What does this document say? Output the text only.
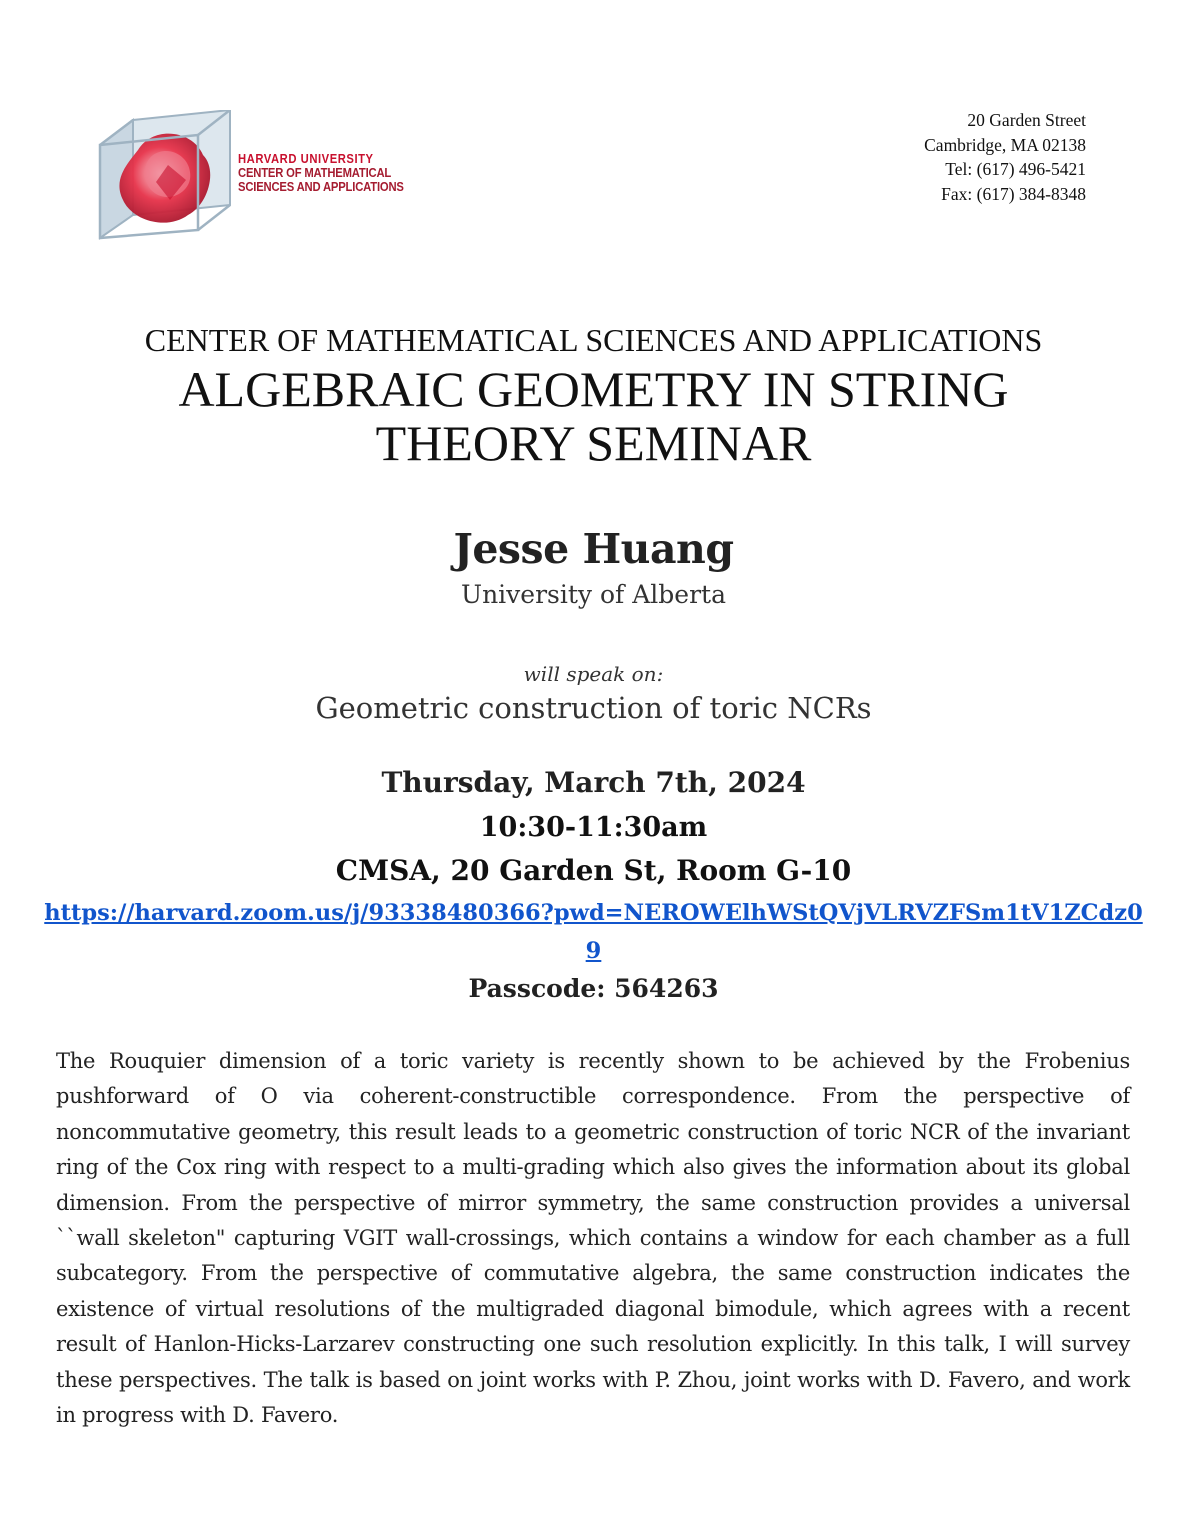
HARVARD UNIVERSITY
CENTER OF MATHEMATICAL
SCIENCES AND APPLICATIONS
20 Garden Street
Cambridge, MA 02138
Tel: (617) 496-5421
Fax: (617) 384-8348
CENTER OF MATHEMATICAL SCIENCES AND APPLICATIONS
ALGEBRAIC GEOMETRY IN STRING
THEORY SEMINAR
Jesse Huang
University of Alberta
will speak on:
Geometric construction of toric NCRs
Thursday, March 7th, 2024
10:30-11:30am
CMSA, 20 Garden St, Room G-10
https://harvard.zoom.us/j/93338480366?pwd=NEROWElhWStQVjVLRVZFSm1tV1ZCdz09
Passcode: 564263

The Rouquier dimension of a toric variety is recently shown to be achieved by the Frobenius pushforward of O via coherent-constructible correspondence. From the perspective of noncommutative geometry, this result leads to a geometric construction of toric NCR of the invariant ring of the Cox ring with respect to a multi-grading which also gives the information about its global dimension. From the perspective of mirror symmetry, the same construction provides a universal ``wall skeleton" capturing VGIT wall-crossings, which contains a window for each chamber as a full subcategory. From the perspective of commutative algebra, the same construction indicates the existence of virtual resolutions of the multigraded diagonal bimodule, which agrees with a recent result of Hanlon-Hicks-Larzarev constructing one such resolution explicitly. In this talk, I will survey these perspectives. The talk is based on joint works with P. Zhou, joint works with D. Favero, and work in progress with D. Favero.
